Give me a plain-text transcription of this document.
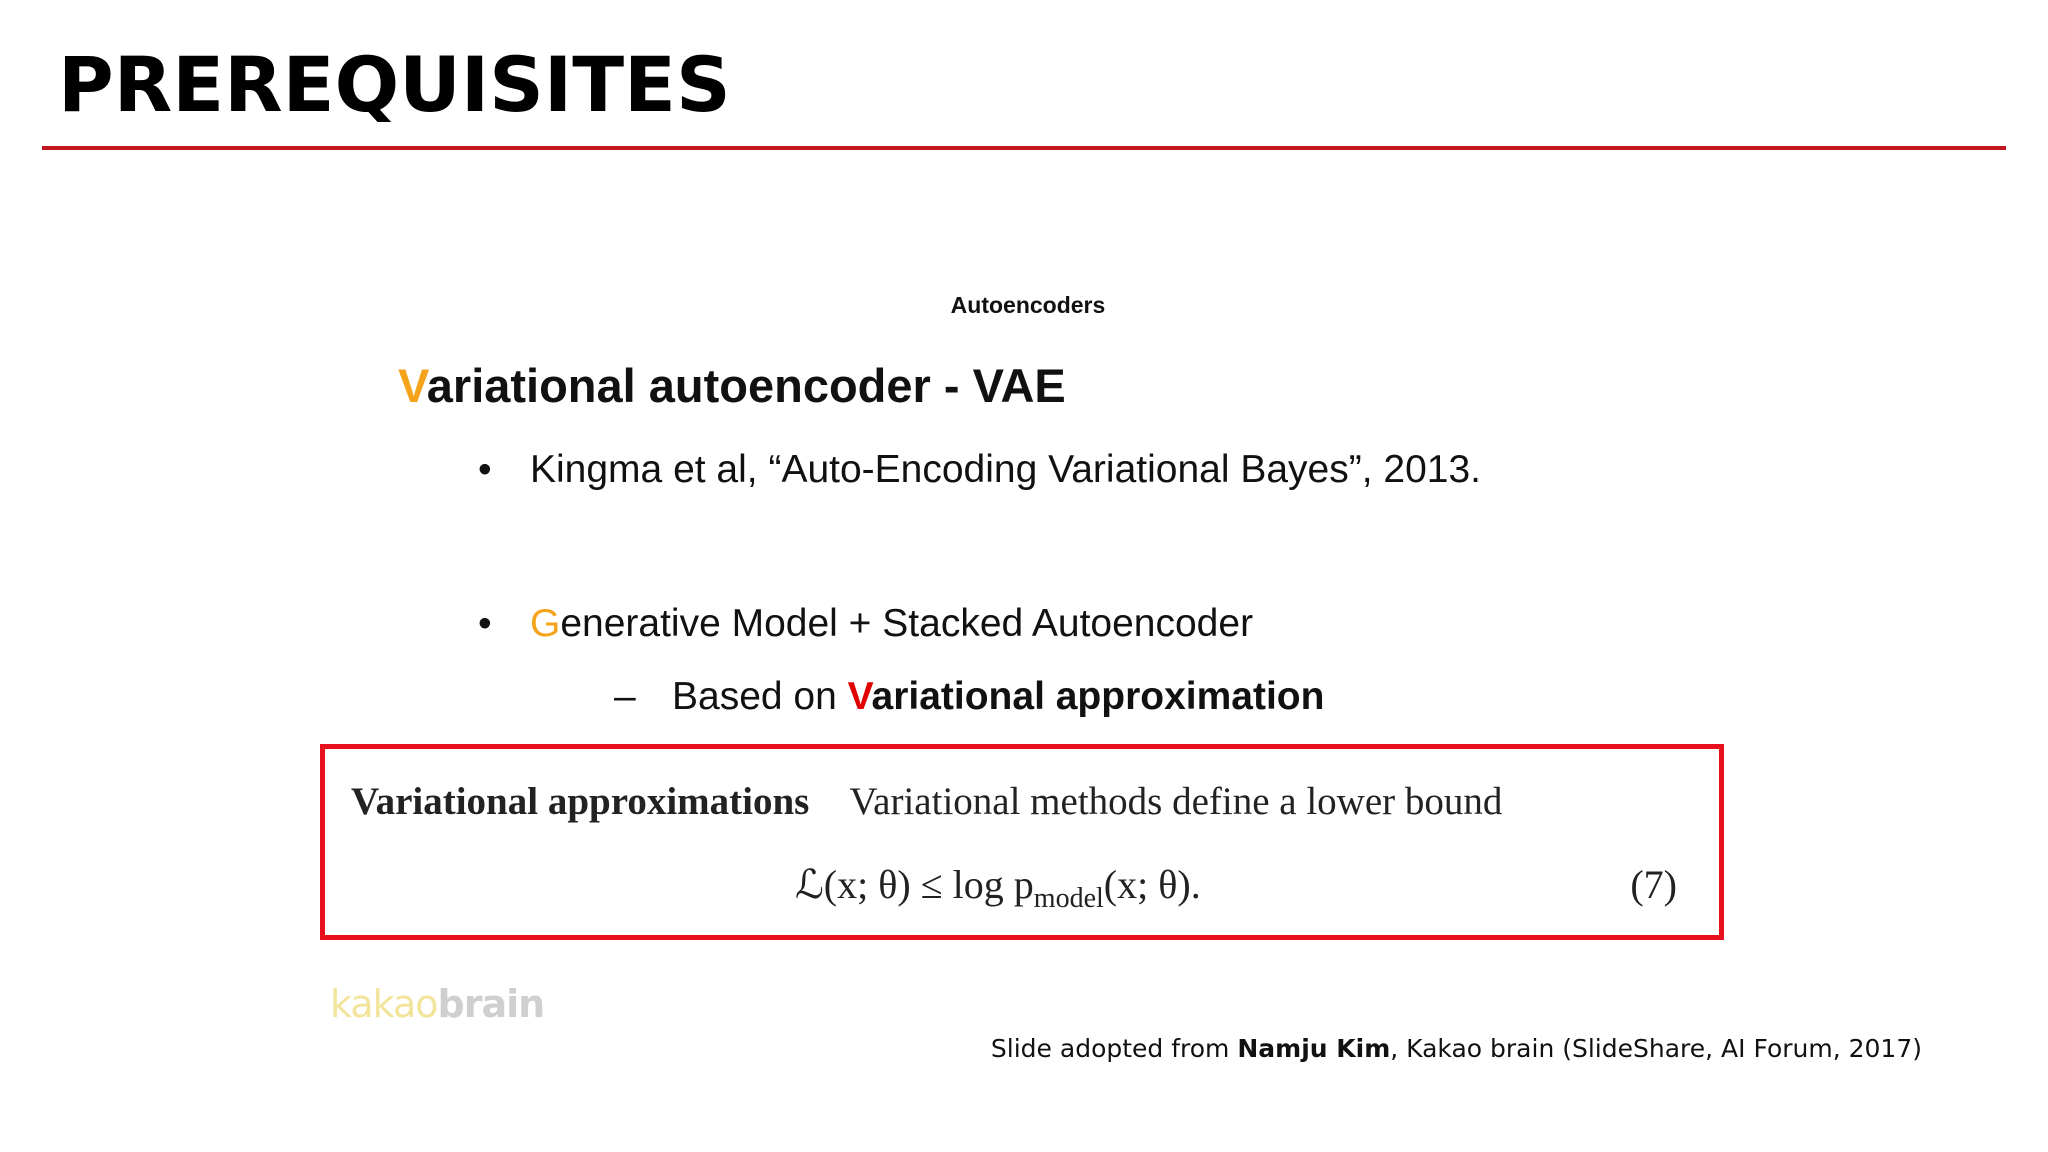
PREREQUISITES
Autoencoders
Variational autoencoder - VAE
• Kingma et al, “Auto-Encoding Variational Bayes”, 2013.
• Generative Model + Stacked Autoencoder
– Based on Variational approximation
Variational approximations Variational methods define a lower bound
ℒ(x; $\theta) \le \log p_{model}(x$; θ).	(7)
kakaobrain
Slide adopted from Namju Kim, Kakao brain (SlideShare, AI Forum, 2017)
